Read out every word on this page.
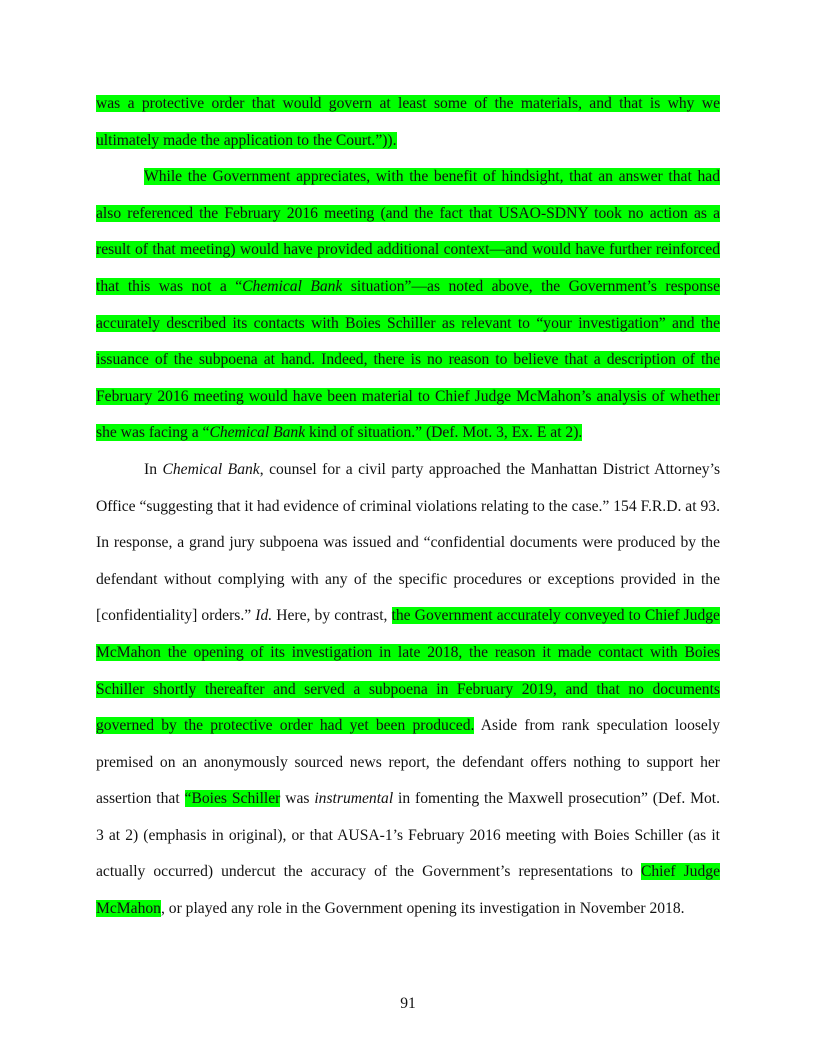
was a protective order that would govern at least some of the materials, and that is why we ultimately made the application to the Court.”)).

While the Government appreciates, with the benefit of hindsight, that an answer that had also referenced the February 2016 meeting (and the fact that USAO-SDNY took no action as a result of that meeting) would have provided additional context—and would have further reinforced that this was not a “Chemical Bank situation”—as noted above, the Government’s response accurately described its contacts with Boies Schiller as relevant to “your investigation” and the issuance of the subpoena at hand. Indeed, there is no reason to believe that a description of the February 2016 meeting would have been material to Chief Judge McMahon’s analysis of whether she was facing a “Chemical Bank kind of situation.” (Def. Mot. 3, Ex. E at 2).

In Chemical Bank, counsel for a civil party approached the Manhattan District Attorney’s Office “suggesting that it had evidence of criminal violations relating to the case.” 154 F.R.D. at 93. In response, a grand jury subpoena was issued and “confidential documents were produced by the defendant without complying with any of the specific procedures or exceptions provided in the [confidentiality] orders.” Id. Here, by contrast, the Government accurately conveyed to Chief Judge McMahon the opening of its investigation in late 2018, the reason it made contact with Boies Schiller shortly thereafter and served a subpoena in February 2019, and that no documents governed by the protective order had yet been produced. Aside from rank speculation loosely premised on an anonymously sourced news report, the defendant offers nothing to support her assertion that “Boies Schiller was instrumental in fomenting the Maxwell prosecution” (Def. Mot. 3 at 2) (emphasis in original), or that AUSA-1’s February 2016 meeting with Boies Schiller (as it actually occurred) undercut the accuracy of the Government’s representations to Chief Judge McMahon, or played any role in the Government opening its investigation in November 2018.

91
